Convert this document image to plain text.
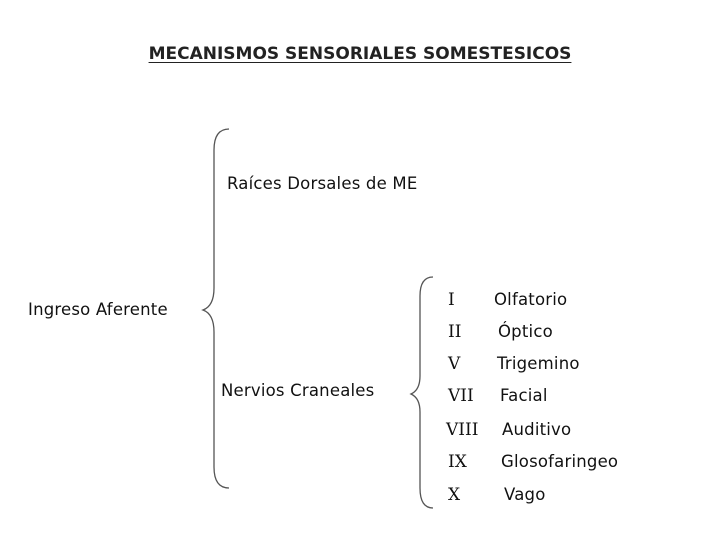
MECANISMOS SENSORIALES SOMESTESICOS
Ingreso Aferente
Raíces Dorsales de ME
Nervios Craneales
I Olfatorio
II Óptico
V Trigemino
VII Facial
VIII Auditivo
IX Glosofaringeo
X	Vago
